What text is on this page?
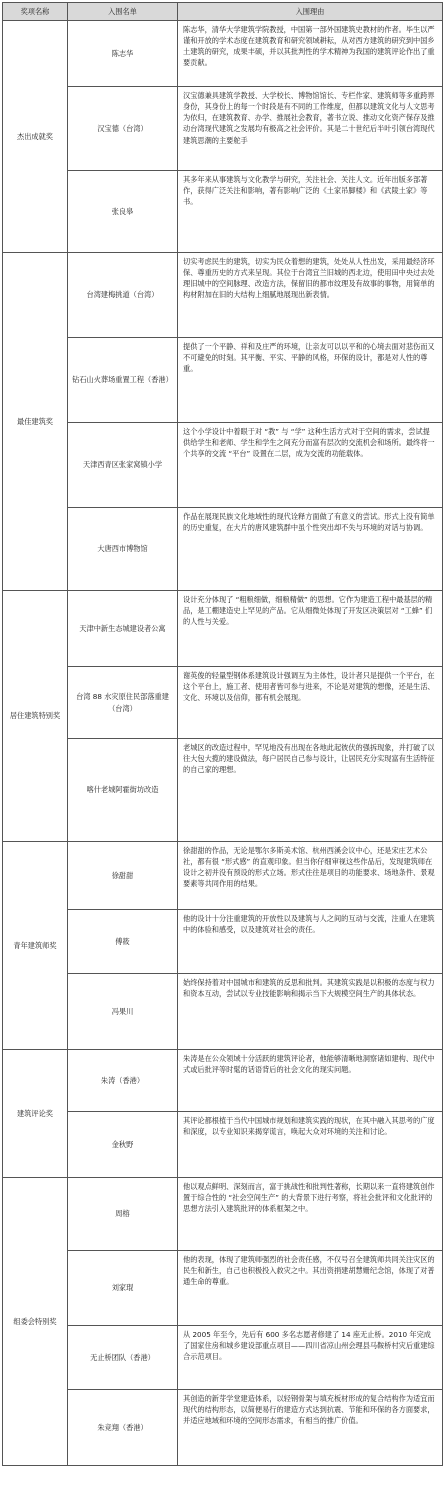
奖项名称	入围名单	入围理由
杰出成就奖	陈志华	陈志华，清华大学建筑学院教授，中国第一部外国建筑史教材的作者。毕生以严谨和开放的学术态度在建筑教育和研究领域耕耘，从对西方建筑的研究到中国乡土建筑的研究，成果丰硕，并以其批判性的学术精神为我国的建筑评论作出了重要贡献。
	汉宝德（台湾）	汉宝德兼具建筑学教授、大学校长、博物馆馆长、专栏作家、建筑师等多重跨界身份，其身份上的每一个时段是有不同的工作维度，但都以建筑文化与人文思考为依归，在建筑教育、办学、推展社会教育，著书立说、推动文化资产保存及推动台湾现代建筑之发展均有极高之社会评价。其是二十世纪后半叶引领台湾现代建筑思潮的主要舵手
	张良皋	其多年来从事建筑与文化教学与研究，关注社会、关注人文。近年出版多部著作，获得广泛关注和影响，著有影响广泛的《土家吊脚楼》和《武陵土家》等书。
最佳建筑奖	台湾建梅挑道（台湾）	切实考虑民生的建筑，切实为民众着想的建筑，处处从人性出发，采用最经济环保、尊重历史的方式来呈现。其位于台湾宜兰旧城的西北边，使用田中央过去处理旧城中的空间脉理、改造方法，保留旧的都市纹理及有故事的事物，用简单的构材附加在旧的大结构上细腻地展现出新表情。
	钻石山火葬场重置工程（香港）	提供了一个平静、祥和及庄严的环境，让亲友可以以平和的心境去面对悲伤而又不可避免的时刻。其平衡、平实、平静的风格，环保的设计，都是对人性的尊重。
	天津西青区张家窝镇小学	这个小学设计中着眼于对 “教” 与 “学” 这种生活方式对于空间的需求，尝试提供给学生和老师、学生和学生之间充分而富有层次的交流机会和场所。最终将一个共享的交流 “平台” 设置在二层，成为交流的功能载体。
	大唐西市博物馆	作品在展现民族文化地域性的现代诠释方面做了有意义的尝试。形式上没有简单的历史重复，在大片的唐风建筑群中虽个性突出却不失与环境的对话与协调。
居住建筑特别奖	天津中新生态城建设者公寓	设计充分体现了 “粗粮细做，细粮精做” 的思想。它作为建造工程中最基层的精品，是工棚建造史上罕见的产品。它从细微处体现了开发区决策层对 “工蜂” 们的人性与关爱。
	台湾 88 水灾原住民部落重建（台湾）	谢英俊的轻量型钢体系建筑设计强调互为主体性，设计者只是提供一个平台，在这个平台上，施工者、使用者皆可参与进来，不论是对建筑的想像，还是生活、文化、环境以及信仰，都有机会展现。
	喀什老城阿霍街坊改造	老城区的改造过程中，罕见地没有出现在各地此起彼伏的强拆现象，并打破了以往大包大揽的建设做法，每户居民自己参与设计，让居民充分实现富有生活特征的自己家的理想。
青年建筑师奖	徐甜甜	徐甜甜的作品，无论是鄂尔多斯美术馆、杭州西溪会议中心，还是宋庄艺术公社，都有很 “形式感” 的直观印象。但当你仔细审视这些作品后，发现建筑师在设计之初并没有预设的形式立场。形式往往是项目的功能要求、场地条件、景观要素等共同作用的结果。
	傅筱	他的设计十分注重建筑的开放性以及建筑与人之间的互动与交流，注重人在建筑中的体验和感受，以及建筑对社会的责任。
	冯果川	始终保持着对中国城市和建筑的反思和批判。其建筑实践是以积极的态度与权力和资本互动，尝试以专业技能影响和揭示当下大规模空间生产的具体状态。
建筑评论奖	朱涛（香港）	朱涛是在公众领域十分活跃的建筑评论者，他能够清晰地洞察诸如建构、现代中式或后批评等时髦的话语背后的社会文化的现实问题。
	金秋野	其评论都根植于当代中国城市规划和建筑实践的现状，在其中融入其思考的广度和深度，以专业知识来揭穿谎言，唤起大众对环境的关注和讨论。
组委会特别奖	周榕	他以观点鲜明、深刻而言，富于挑战性和批判性著称，长期以来一直将建筑创作置于综合性的 “社会空间生产” 的大背景下进行考察，将社会批评和文化批评的思想方法引入建筑批评的体系框架之中。
	刘家琨	他的表现，体现了建筑师强烈的社会责任感，不仅号召全建筑师共同关注灾区的民生和新生，自己也积极投入救灾之中。其出资捐建胡慧姗纪念馆，体现了对普通生命的尊重。
	无止桥团队（香港）	从 2005 年至今，先后有 600 多名志愿者修建了 14 座无止桥。2010 年完成了国家住房和城乡建设部重点项目——四川省凉山州会理县马鞍桥村灾后重建综合示范项目。
	朱竞翔（香港）	其创造的新芽学堂建造体系，以轻钢骨架与填充板材形成的复合结构作为适宜而现代的结构形态，以简便易行的建造方式达到抗震、节能和环保的各方面要求，并适应地域和环境的空间形态需求，有相当的推广价值。
